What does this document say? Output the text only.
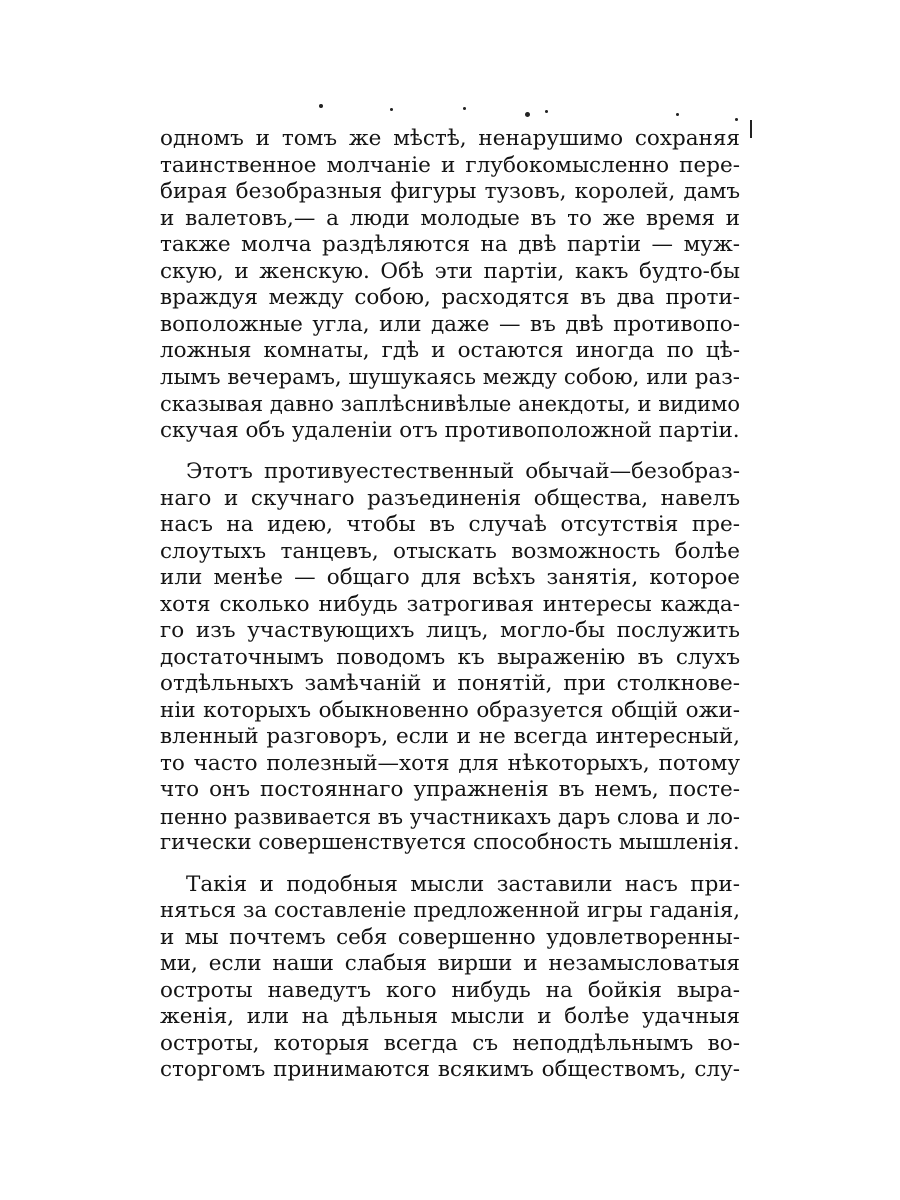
одномъ и томъ же мѣстѣ, ненарушимо сохраняя
таинственное молчаніе и глубокомысленно пере-
бирая безобразныя фигуры тузовъ, королей, дамъ
и валетовъ,— а люди молодые въ то же время и
также молча раздѣляются на двѣ партіи — муж-
скую, и женскую. Обѣ эти партіи, какъ будто-бы
враждуя между собою, расходятся въ два проти-
воположные угла, или даже — въ двѣ противопо-
ложныя комнаты, гдѣ и остаются иногда по цѣ-
лымъ вечерамъ, шушукаясь между собою, или раз-
сказывая давно заплѣснивѣлые анекдоты, и видимо
скучая объ удаленіи отъ противоположной партіи.
Этотъ противуестественный обычай—безобраз-
наго и скучнаго разъединенія общества, навелъ
насъ на идею, чтобы въ случаѣ отсутствія пре-
слоутыхъ танцевъ, отыскать возможность болѣе
или менѣе — общаго для всѣхъ занятія, которое
хотя сколько нибудь затрогивая интересы кажда-
го изъ участвующихъ лицъ, могло-бы послужить
достаточнымъ поводомъ къ выраженію въ слухъ
отдѣльныхъ замѣчаній и понятій, при столкнове-
ніи которыхъ обыкновенно образуется общій ожи-
вленный разговоръ, если и не всегда интересный,
то часто полезный—хотя для нѣкоторыхъ, потому
что онъ постояннаго упражненія въ немъ, посте-
пенно развивается въ участникахъ даръ слова и ло-
гически совершенствуется способность мышленія.
Такія и подобныя мысли заставили насъ при-
няться за составленіе предложенной игры гаданія,
и мы почтемъ себя совершенно удовлетворенны-
ми, если наши слабыя вирши и незамысловатыя
остроты наведутъ кого нибудь на бойкія выра-
женія, или на дѣльныя мысли и болѣе удачныя
остроты, которыя всегда съ неподдѣльнымъ во-
сторгомъ принимаются всякимъ обществомъ, слу-
